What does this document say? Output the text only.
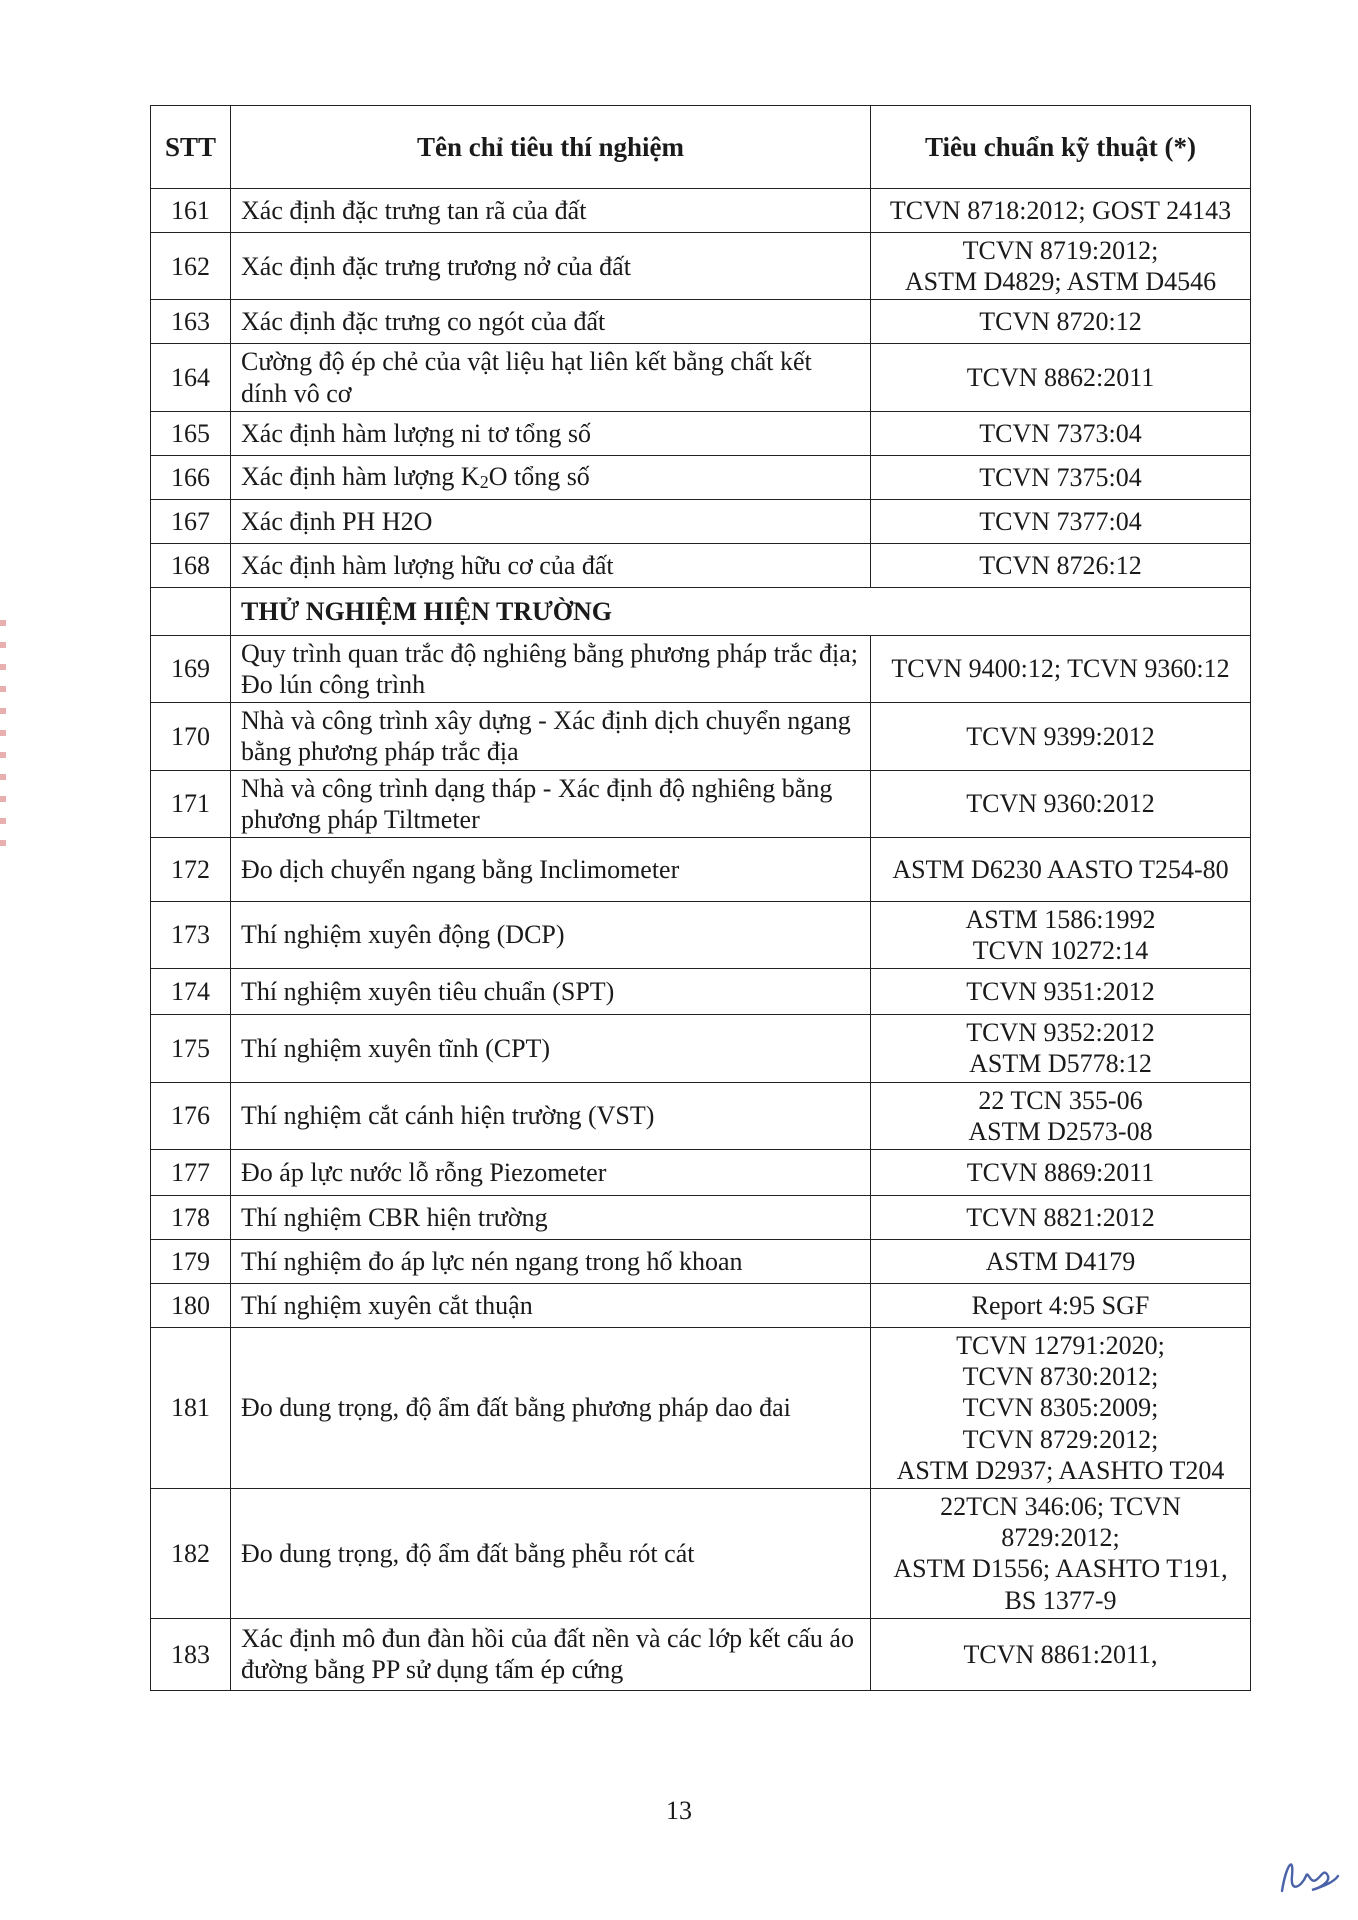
STT	Tên chỉ tiêu thí nghiệm	Tiêu chuẩn kỹ thuật (*)
161	Xác định đặc trưng tan rã của đất	TCVN 8718:2012; GOST 24143

162	Xác định đặc trưng trương nở của đất	TCVN 8719:2012;
ASTM D4829; ASTM D4546

163	Xác định đặc trưng co ngót của đất	TCVN 8720:12

164	Cường độ ép chẻ của vật liệu hạt liên kết bằng chất kết dính vô cơ	TCVN 8862:2011

165	Xác định hàm lượng ni tơ tổng số	TCVN 7373:04

166	Xác định hàm lượng K2O tổng số	TCVN 7375:04

167	Xác định PH H2O	TCVN 7377:04

168	Xác định hàm lượng hữu cơ của đất	TCVN 8726:12

	THỬ NGHIỆM HIỆN TRƯỜNG	
169	Quy trình quan trắc độ nghiêng bằng phương pháp trắc địa; Đo lún công trình	TCVN 9400:12; TCVN 9360:12

170	Nhà và công trình xây dựng - Xác định dịch chuyển ngang bằng phương pháp trắc địa	TCVN 9399:2012

171	Nhà và công trình dạng tháp - Xác định độ nghiêng bằng phương pháp Tiltmeter	TCVN 9360:2012

172	Đo dịch chuyển ngang bằng Inclimometer	ASTM D6230 AASTO T254-80

173	Thí nghiệm xuyên động (DCP)	ASTM 1586:1992
TCVN 10272:14

174	Thí nghiệm xuyên tiêu chuẩn (SPT)	TCVN 9351:2012

175	Thí nghiệm xuyên tĩnh (CPT)	TCVN 9352:2012
ASTM D5778:12

176	Thí nghiệm cắt cánh hiện trường (VST)	22 TCN 355-06
ASTM D2573-08

177	Đo áp lực nước lỗ rỗng Piezometer	TCVN 8869:2011

178	Thí nghiệm CBR hiện trường	TCVN 8821:2012

179	Thí nghiệm đo áp lực nén ngang trong hố khoan	ASTM D4179

180	Thí nghiệm xuyên cắt thuận	Report 4:95 SGF

181	Đo dung trọng, độ ẩm đất bằng phương pháp dao đai	TCVN 12791:2020;
TCVN 8730:2012;
TCVN 8305:2009;
TCVN 8729:2012;
ASTM D2937; AASHTO T204

182	Đo dung trọng, độ ẩm đất bằng phễu rót cát	22TCN 346:06; TCVN
8729:2012;
ASTM D1556; AASHTO T191,
BS 1377-9

183	Xác định mô đun đàn hồi của đất nền và các lớp kết cấu áo đường bằng PP sử dụng tấm ép cứng	TCVN 8861:2011,
13
